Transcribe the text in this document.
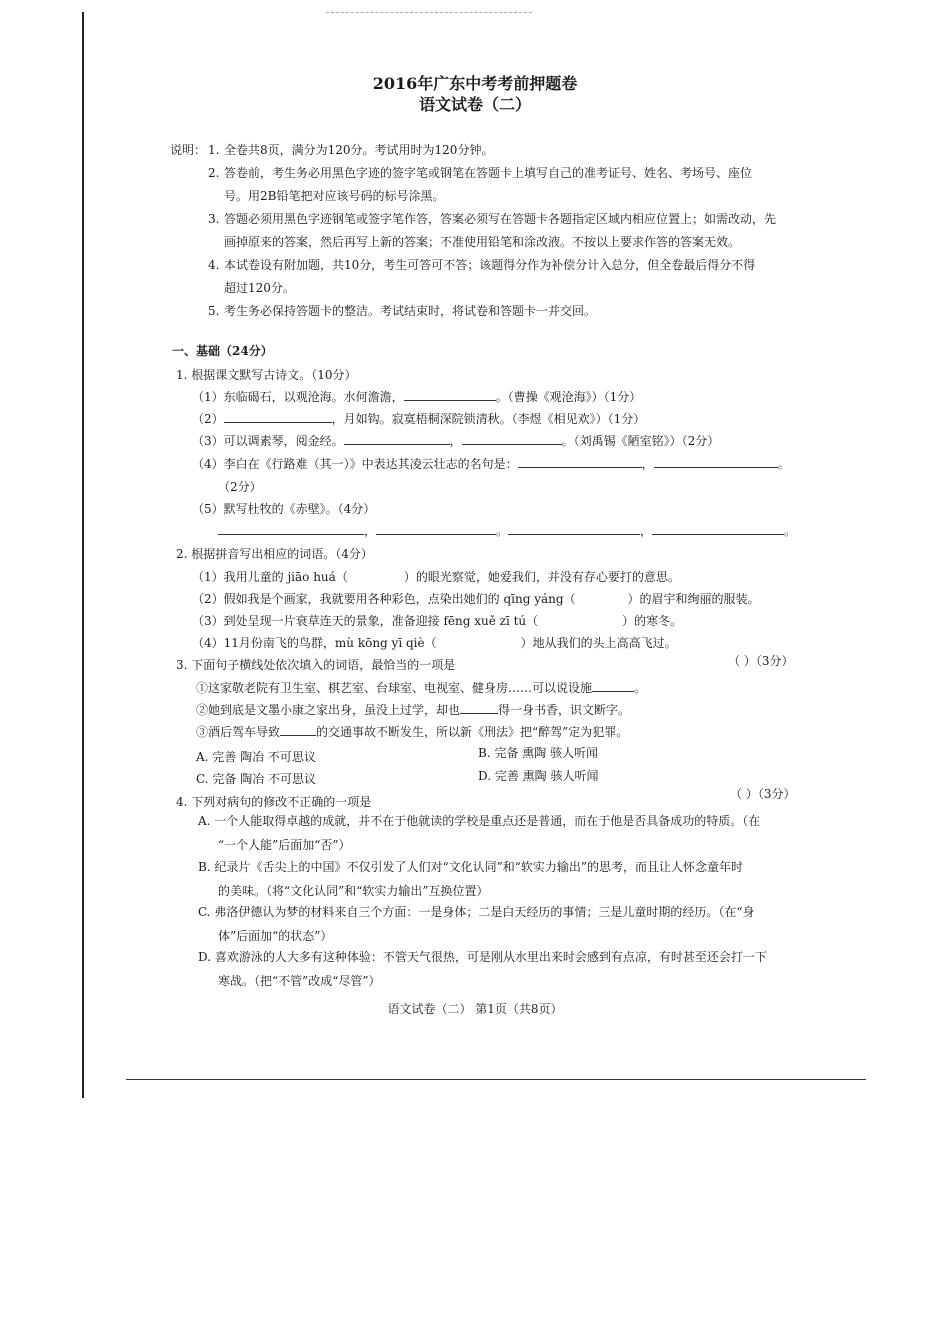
2016年广东中考考前押题卷
语文试卷（二）
说明： 1. 全卷共8页，满分为120分。考试用时为120分钟。
2. 答卷前，考生务必用黑色字迹的签字笔或钢笔在答题卡上填写自己的准考证号、姓名、考场号、座位
号。用2B铅笔把对应该号码的标号涂黑。
3. 答题必须用黑色字迹钢笔或签字笔作答，答案必须写在答题卡各题指定区域内相应位置上；如需改动，先
画掉原来的答案，然后再写上新的答案；不准使用铅笔和涂改液。不按以上要求作答的答案无效。
4. 本试卷设有附加题，共10分，考生可答可不答；该题得分作为补偿分计入总分，但全卷最后得分不得
超过120分。
5. 考生务必保持答题卡的整洁。考试结束时，将试卷和答题卡一并交回。
一、基础（24分）
1. 根据课文默写古诗文。（10分）
（1）东临碣石，以观沧海。水何澹澹，	。（曹操《观沧海》）（1分）
（2）	，月如钩。寂寞梧桐深院锁清秋。（李煜《相见欢》）（1分）
（3）可以调素琴，阅金经。	，	。（刘禹锡《陋室铭》）（2分）
（4）李白在《行路难（其一）》中表达其凌云壮志的名句是：	，	。
（2分）
（5）默写杜牧的《赤壁》。（4分）
，	。	，	。
2. 根据拼音写出相应的词语。（4分）
（1）我用儿童的 jiāo huá（	）的眼光察觉，她爱我们，并没有存心要打的意思。
（2）假如我是个画家，我就要用各种彩色，点染出她们的 qīng yáng（	）的眉宇和绚丽的服装。
（3）到处呈现一片衰草连天的景象，准备迎接 fēng xuě zī tú（	）的寒冬。
（4）11月份南飞的鸟群，mù kōng yī qiè（	）地从我们的头上高高飞过。
3. 下面句子横线处依次填入的词语，最恰当的一项是	（ ）（3分）
①这家敬老院有卫生室、棋艺室、台球室、电视室、健身房……可以说设施	。
②她到底是文墨小康之家出身，虽没上过学，却也	得一身书香，识文断字。
③酒后驾车导致	的交通事故不断发生，所以新《刑法》把“醉驾”定为犯罪。
A. 完善 陶冶 不可思议	B. 完备 熏陶 骇人听闻
C. 完备 陶冶 不可思议	D. 完善 熏陶 骇人听闻
4. 下列对病句的修改不正确的一项是
（ ）（3分）
A. 一个人能取得卓越的成就，并不在于他就读的学校是重点还是普通，而在于他是否具备成功的特质。（在
“一个人能”后面加“否”）
B. 纪录片《舌尖上的中国》不仅引发了人们对“文化认同”和“软实力输出”的思考，而且让人怀念童年时
的美味。（将“文化认同”和“软实力输出”互换位置）
C. 弗洛伊德认为梦的材料来自三个方面：一是身体；二是白天经历的事情；三是儿童时期的经历。（在“身
体”后面加“的状态”）
D. 喜欢游泳的人大多有这种体验：不管天气很热，可是刚从水里出来时会感到有点凉，有时甚至还会打一下
寒战。（把“不管”改成“尽管”）
语文试卷（二） 第1页（共8页）
